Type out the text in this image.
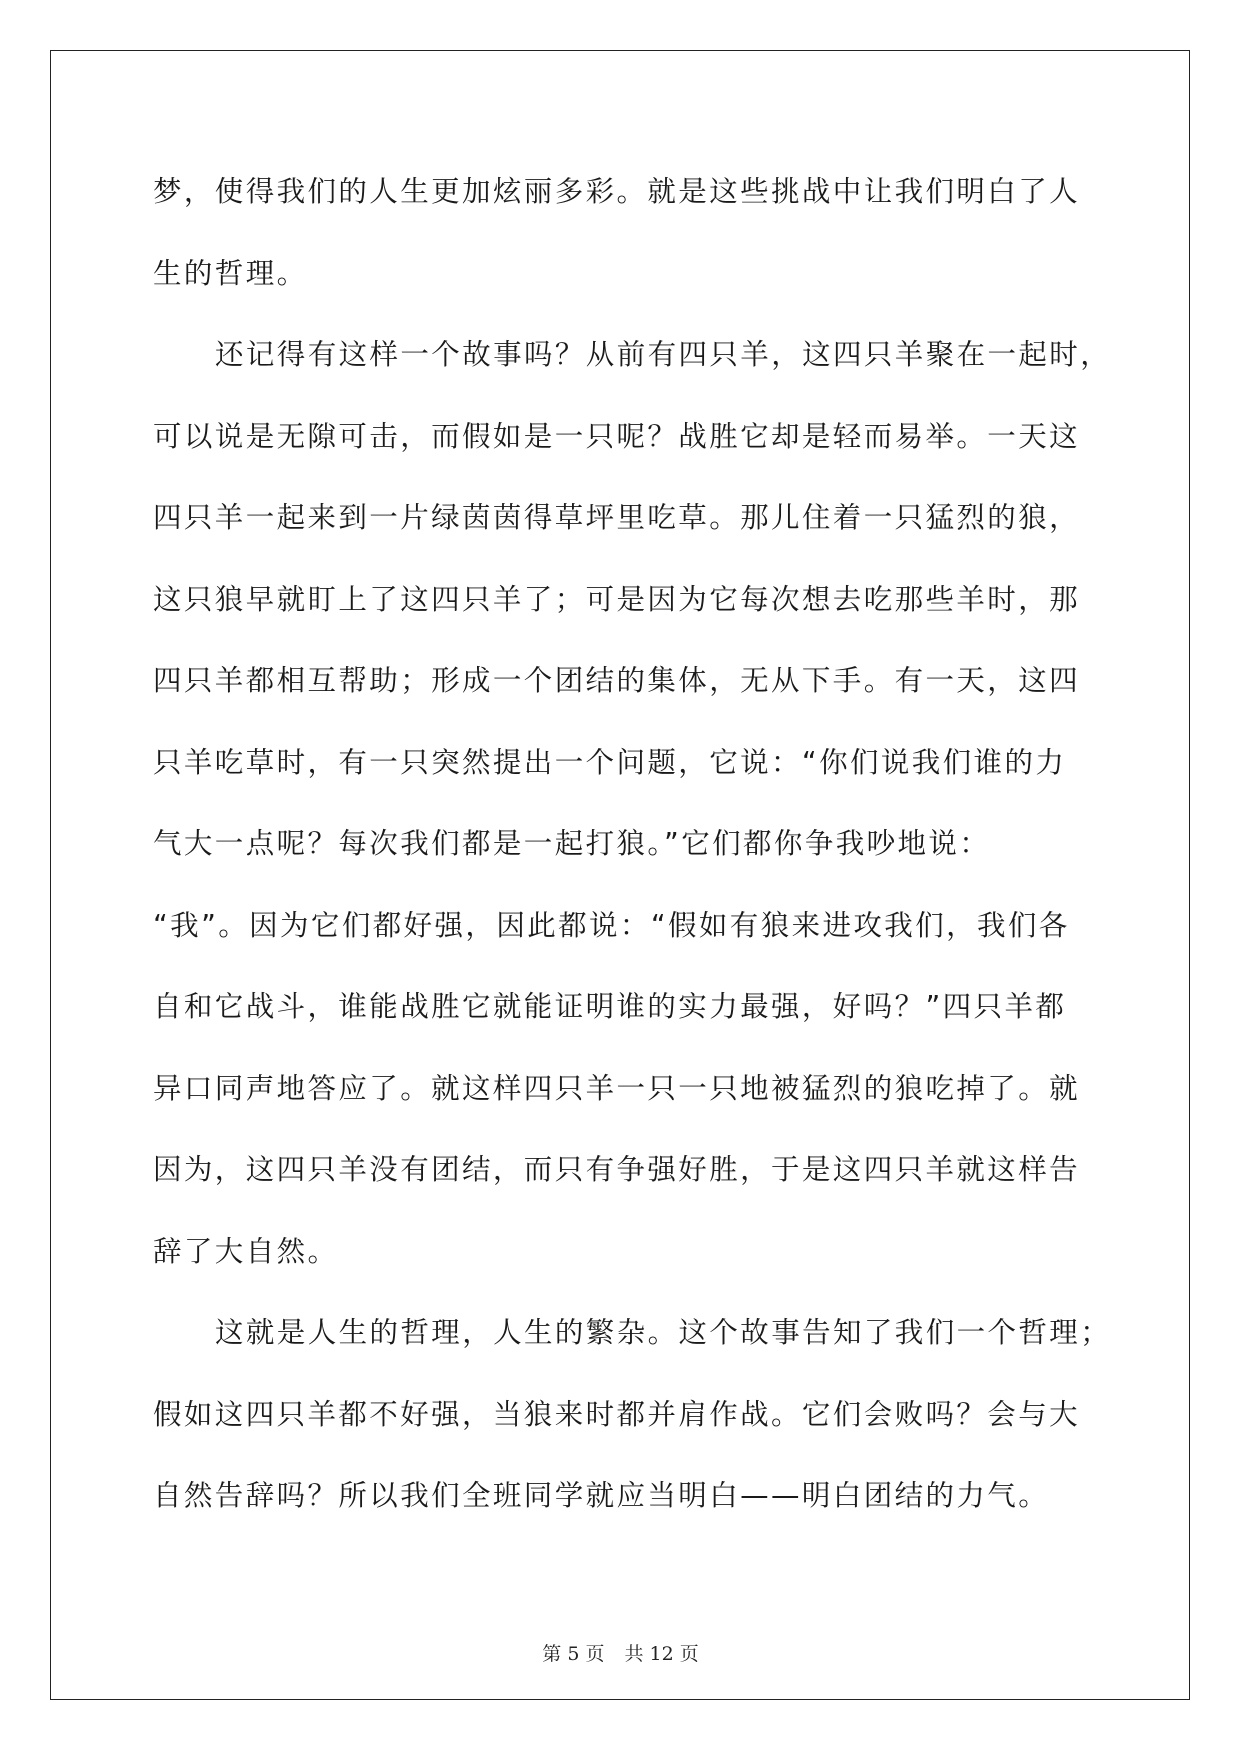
梦，使得我们的人生更加炫丽多彩。就是这些挑战中让我们明白了人
生的哲理。
还记得有这样一个故事吗？从前有四只羊，这四只羊聚在一起时，
可以说是无隙可击，而假如是一只呢？战胜它却是轻而易举。一天这
四只羊一起来到一片绿茵茵得草坪里吃草。那儿住着一只猛烈的狼，
这只狼早就盯上了这四只羊了；可是因为它每次想去吃那些羊时，那
四只羊都相互帮助；形成一个团结的集体，无从下手。有一天，这四
只羊吃草时，有一只突然提出一个问题，它说：“你们说我们谁的力
气大一点呢？每次我们都是一起打狼。”它们都你争我吵地说：
“我”。因为它们都好强，因此都说：“假如有狼来进攻我们，我们各
自和它战斗，谁能战胜它就能证明谁的实力最强，好吗？”四只羊都
异口同声地答应了。就这样四只羊一只一只地被猛烈的狼吃掉了。就
因为，这四只羊没有团结，而只有争强好胜，于是这四只羊就这样告
辞了大自然。
这就是人生的哲理，人生的繁杂。这个故事告知了我们一个哲理；
假如这四只羊都不好强，当狼来时都并肩作战。它们会败吗？会与大
自然告辞吗？所以我们全班同学就应当明白——明白团结的力气。
第 5 页 共 12 页
